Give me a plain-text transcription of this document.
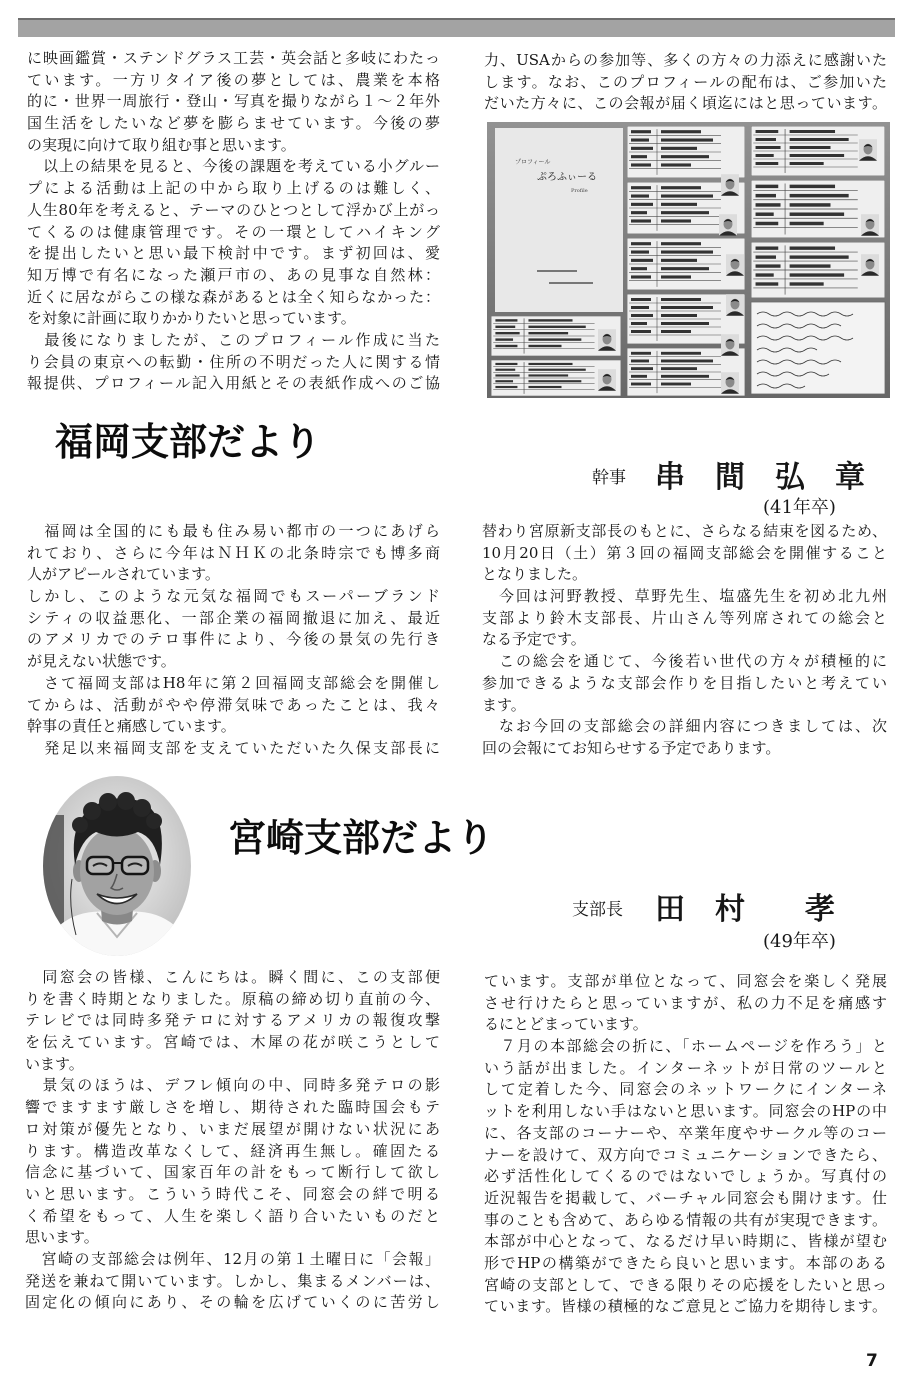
に映画鑑賞・ステンドグラス工芸・英会話と多岐にわたっ
ています。一方リタイア後の夢としては、農業を本格
的に・世界一周旅行・登山・写真を撮りながら１～２年外
国生活をしたいなど夢を膨らませています。今後の夢
の実現に向けて取り組む事と思います。
　以上の結果を見ると、今後の課題を考えている小グルー
プによる活動は上記の中から取り上げるのは難しく、
人生80年を考えると、テーマのひとつとして浮かび上がっ
てくるのは健康管理です。その一環としてハイキング
を提出したいと思い最下検討中です。まず初回は、愛
知万博で有名になった瀬戸市の、あの見事な自然林：
近くに居ながらこの様な森があるとは全く知らなかった：
を対象に計画に取りかかりたいと思っています。
　最後になりましたが、このプロフィール作成に当た
り会員の東京への転勤・住所の不明だった人に関する情
報提供、プロフィール記入用紙とその表紙作成へのご協
力、USAからの参加等、多くの方々の力添えに感謝いた
します。なお、このプロフィールの配布は、ご参加いた
だいた方々に、この会報が届く頃迄にはと思っています。
プロフィール
ぷろふぃーる
Profile
福岡支部だより
幹事 串　間　弘　章
(41年卒)
　福岡は全国的にも最も住み易い都市の一つにあげら
れており、さらに今年はＮＨＫの北条時宗でも博多商
人がアピールされています。
しかし、このような元気な福岡でもスーパーブランド
シティの収益悪化、一部企業の福岡撤退に加え、最近
のアメリカでのテロ事件により、今後の景気の先行き
が見えない状態です。
　さて福岡支部はH8年に第２回福岡支部総会を開催し
てからは、活動がやや停滞気味であったことは、我々
幹事の責任と痛感しています。
　発足以来福岡支部を支えていただいた久保支部長に
替わり宮原新支部長のもとに、さらなる結束を図るため、
10月20日（土）第３回の福岡支部総会を開催すること
となりました。
　今回は河野教授、草野先生、塩盛先生を初め北九州
支部より鈴木支部長、片山さん等列席されての総会と
なる予定です。
　この総会を通じて、今後若い世代の方々が積極的に
参加できるような支部会作りを目指したいと考えてい
ます。
　なお今回の支部総会の詳細内容につきましては、次
回の会報にてお知らせする予定であります。
宮崎支部だより
支部長 田　村　　孝
(49年卒)
　同窓会の皆様、こんにちは。瞬く間に、この支部便
りを書く時期となりました。原稿の締め切り直前の今、
テレビでは同時多発テロに対するアメリカの報復攻撃
を伝えています。宮崎では、木犀の花が咲こうとして
います。
　景気のほうは、デフレ傾向の中、同時多発テロの影
響でますます厳しさを増し、期待された臨時国会もテ
ロ対策が優先となり、いまだ展望が開けない状況にあ
ります。構造改革なくして、経済再生無し。確固たる
信念に基づいて、国家百年の計をもって断行して欲し
いと思います。こういう時代こそ、同窓会の絆で明る
く希望をもって、人生を楽しく語り合いたいものだと
思います。
　宮崎の支部総会は例年、12月の第１土曜日に「会報」
発送を兼ねて開いています。しかし、集まるメンバーは、
固定化の傾向にあり、その輪を広げていくのに苦労し
ています。支部が単位となって、同窓会を楽しく発展
させ行けたらと思っていますが、私の力不足を痛感す
るにとどまっています。
　７月の本部総会の折に、「ホームページを作ろう」と
いう話が出ました。インターネットが日常のツールと
して定着した今、同窓会のネットワークにインターネ
ットを利用しない手はないと思います。同窓会のHPの中
に、各支部のコーナーや、卒業年度やサークル等のコー
ナーを設けて、双方向でコミュニケーションできたら、
必ず活性化してくるのではないでしょうか。写真付の
近況報告を掲載して、バーチャル同窓会も開けます。仕
事のことも含めて、あらゆる情報の共有が実現できます。
本部が中心となって、なるだけ早い時期に、皆様が望む
形でHPの構築ができたら良いと思います。本部のある
宮崎の支部として、できる限りその応援をしたいと思っ
ています。皆様の積極的なご意見とご協力を期待します。
7
